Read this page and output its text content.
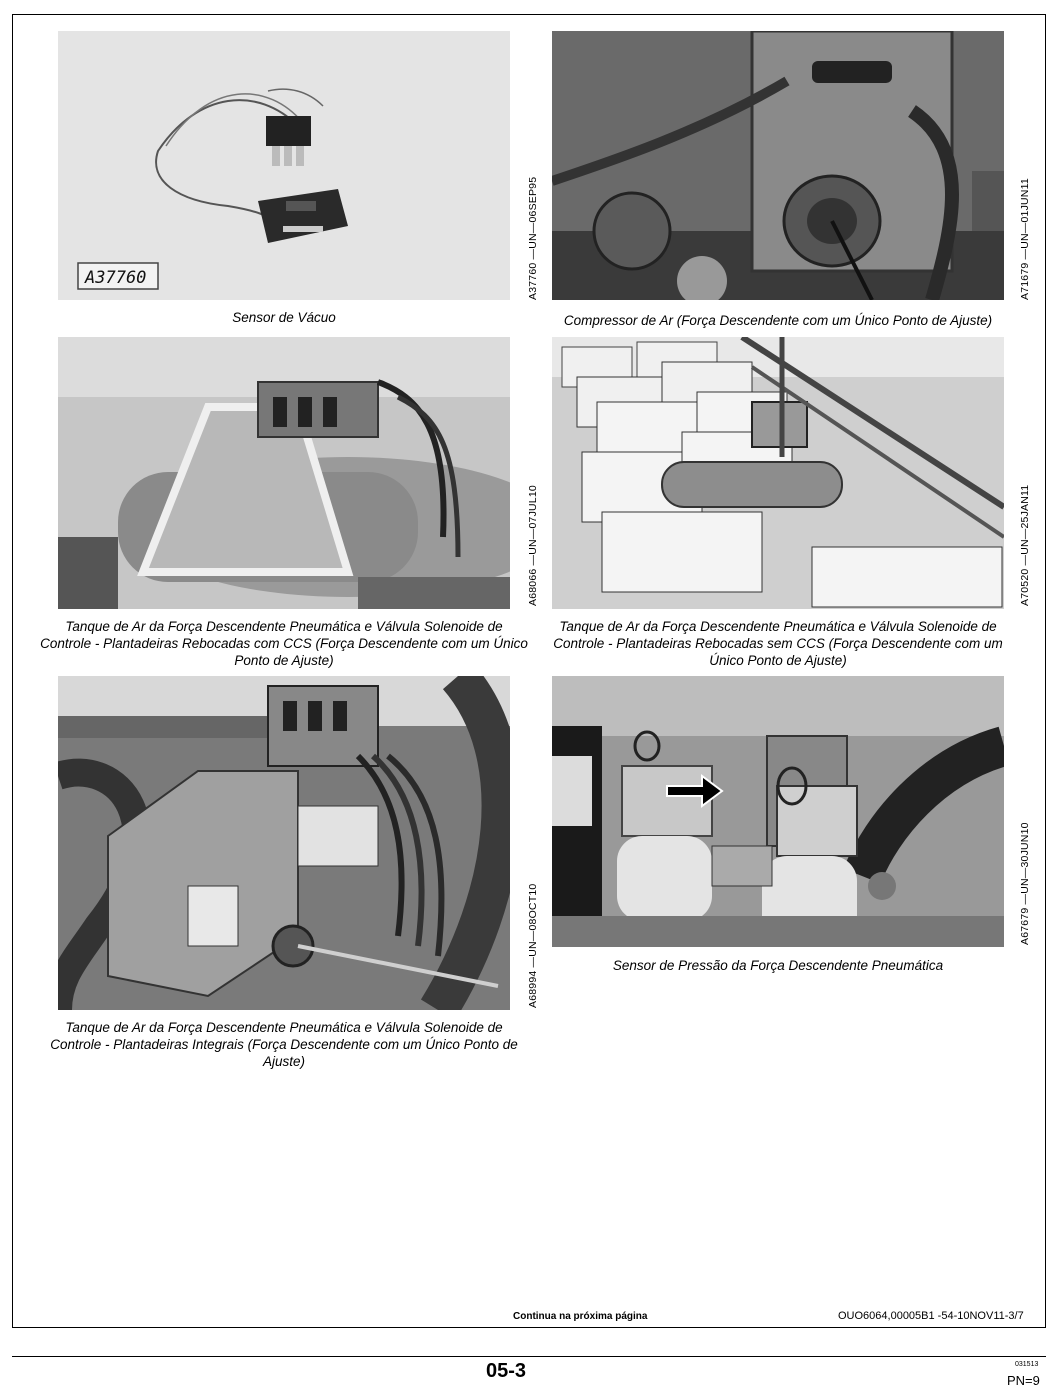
A37760
Sensor de Vácuo
A37760 —UN—06SEP95
Compressor de Ar (Força Descendente com um Único Ponto de Ajuste)
A71679 —UN—01JUN11
Tanque de Ar da Força Descendente Pneumática e Válvula Solenoide de Controle - Plantadeiras Rebocadas com CCS (Força Descendente com um Único Ponto de Ajuste)
A68066 —UN—07JUL10
Tanque de Ar da Força Descendente Pneumática e Válvula Solenoide de Controle - Plantadeiras Rebocadas sem CCS (Força Descendente com um Único Ponto de Ajuste)
A70520 —UN—25JAN11
Tanque de Ar da Força Descendente Pneumática e Válvula Solenoide de Controle - Plantadeiras Integrais (Força Descendente com um Único Ponto de Ajuste)
A68994 —UN—08OCT10	Sensor de Pressão da Força Descendente Pneumática
A67679 —UN—30JUN10
Continua na próxima página	OUO6064,00005B1 -54-10NOV11-3/7
05-3	031513
PN=9
